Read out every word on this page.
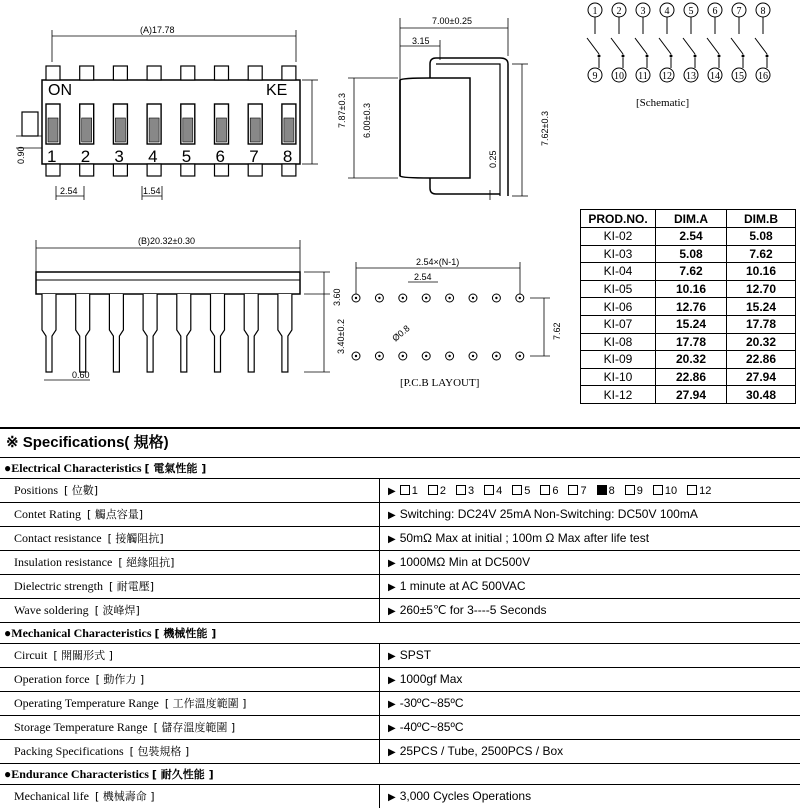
(A)17.78
ON	KE
1 2 3 4 5 6 7 8
0.90
7.87±0.3
2.54	1.54
7.00±0.25
3.15
6.00±0.3
0.25
7.62±0.3
1
9
2
10
3
11
4
12
5
13
6
14
7
15
8
16
[Schematic]
(B)20.32±0.30
3.60
3.40±0.2
0.60
2.54×(N-1)
2.54
7.62
Ø0.8
[P.C.B LAYOUT]
PROD.NO.	DIM.A	DIM.B
KI-02	2.54	5.08
KI-03	5.08	7.62
KI-04	7.62	10.16
KI-05	10.16	12.70
KI-06	12.76	15.24
KI-07	15.24	17.78
KI-08	17.78	20.32
KI-09	20.32	22.86
KI-10	22.86	27.94
KI-12	27.94	30.48
※ Specifications( 規格)
●Electrical Characteristics [ 電氣性能 ]
Positions [ 位數]	▶ 1 2 3 4 5 6 7 8 9 10 12
Contet Rating [ 觸点容量]	▶ Switching: DC24V 25mA Non-Switching: DC50V 100mA
Contact resistance [ 接觸阻抗]	▶ 50mΩ Max at initial ; 100m Ω Max after life test
Insulation resistance [ 絕緣阻抗]	▶ 1000MΩ Min at DC500V
Dielectric strength [ 耐電壓]	▶ 1 minute at AC 500VAC
Wave soldering [ 波峰焊]	▶ 260±5℃ for 3----5 Seconds
●Mechanical Characteristics [ 機械性能 ]
Circuit [ 開關形式 ]	▶ SPST
Operation force [ 動作力 ]	▶ 1000gf Max
Operating Temperature Range [ 工作溫度範圍 ]	▶ -30ºC~85ºC
Storage Temperature Range [ 儲存溫度範圍 ]	▶ -40ºC~85ºC
Packing Specifications [ 包裝規格 ]	▶ 25PCS / Tube, 2500PCS / Box
●Endurance Characteristics [ 耐久性能 ]
Mechanical life [ 機械壽命 ]	▶ 3,000 Cycles Operations
